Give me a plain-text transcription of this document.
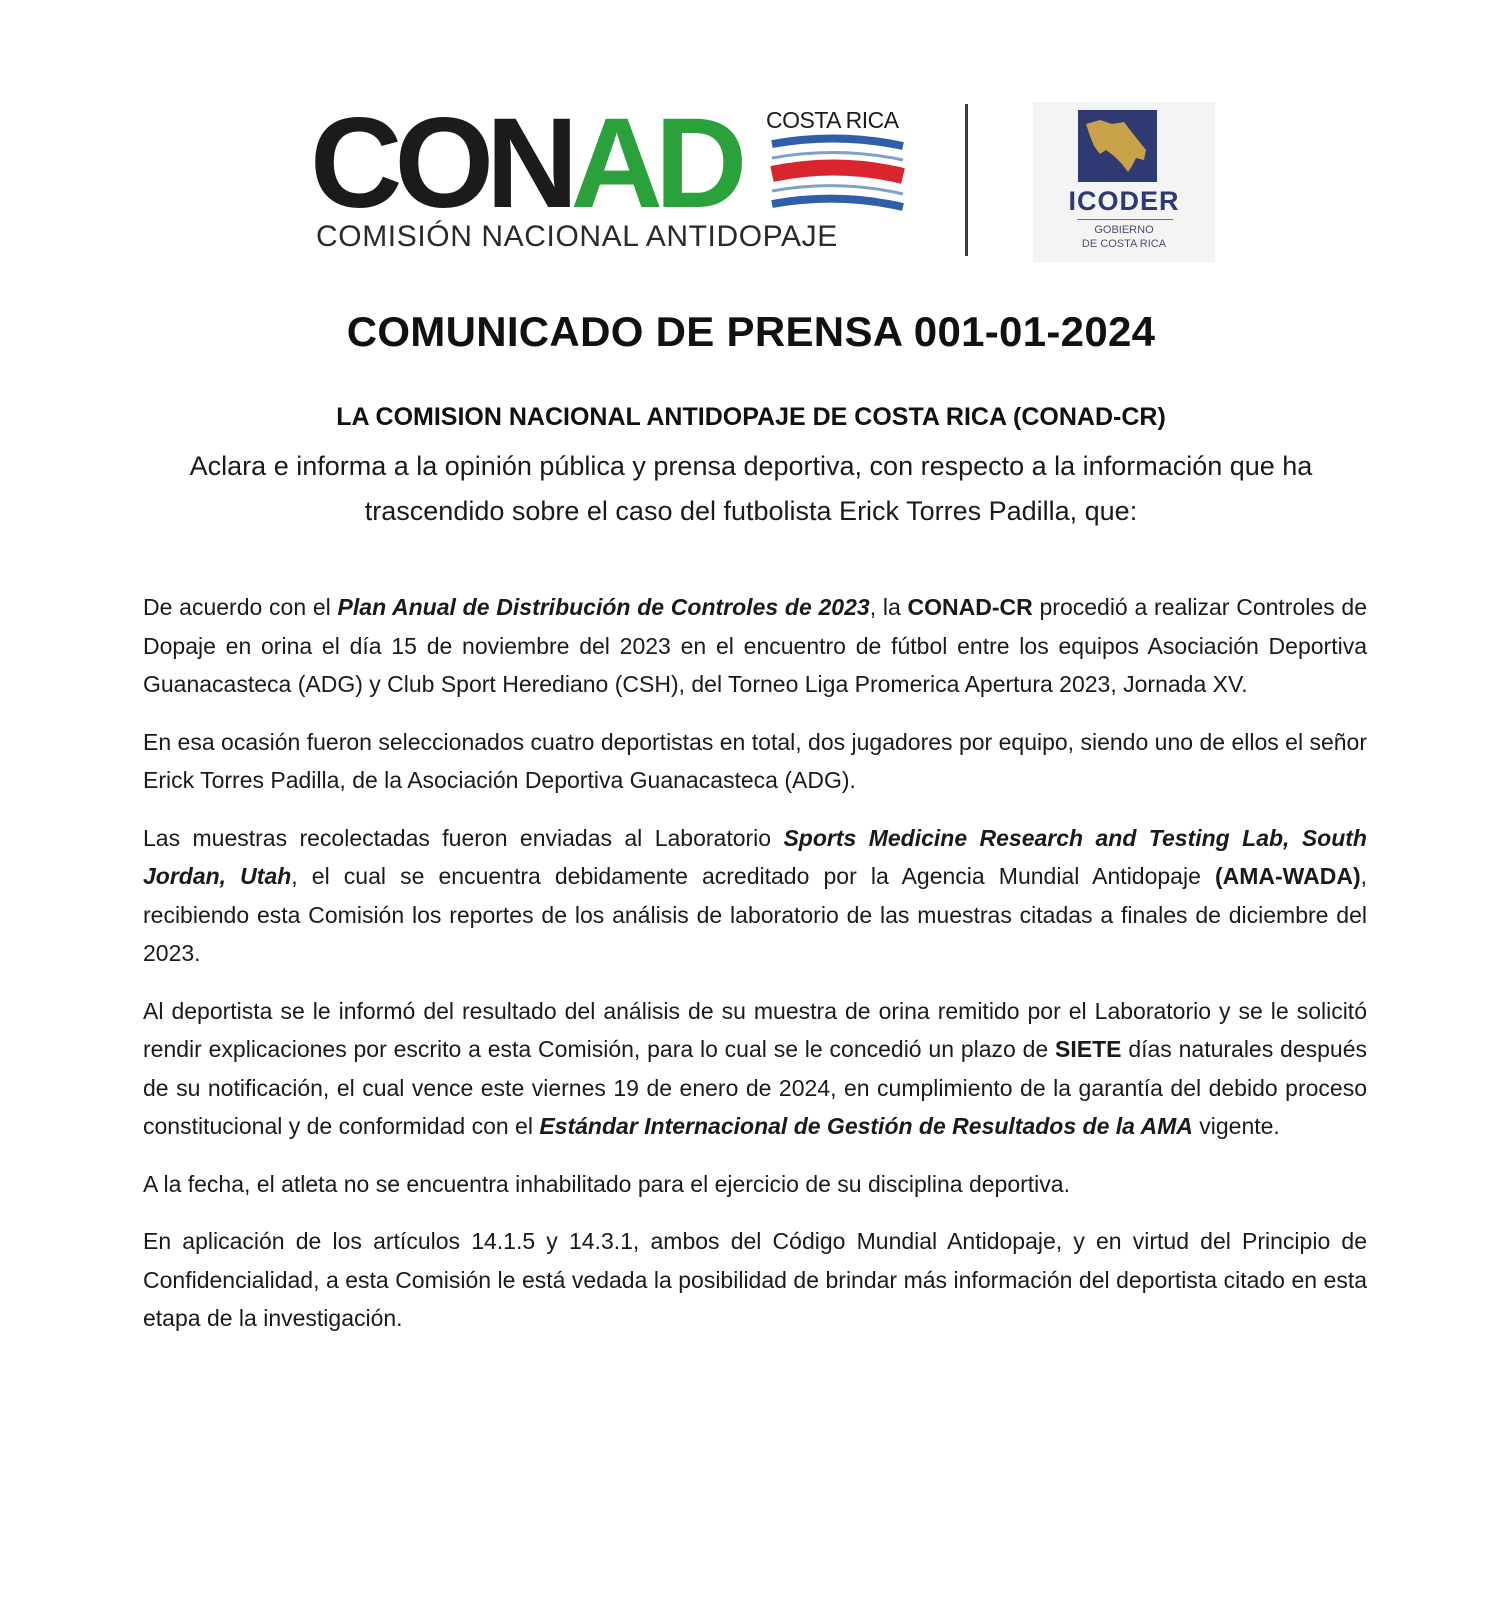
CONAD COSTA RICA
COMISIÓN NACIONAL ANTIDOPAJE
ICODER
GOBIERNO
DE COSTA RICA
COMUNICADO DE PRENSA 001-01-2024
LA COMISION NACIONAL ANTIDOPAJE DE COSTA RICA (CONAD-CR)
Aclara e informa a la opinión pública y prensa deportiva, con respecto a la información que ha trascendido sobre el caso del futbolista Erick Torres Padilla, que:

De acuerdo con el Plan Anual de Distribución de Controles de 2023, la CONAD-CR procedió a realizar Controles de Dopaje en orina el día 15 de noviembre del 2023 en el encuentro de fútbol entre los equipos Asociación Deportiva Guanacasteca (ADG) y Club Sport Herediano (CSH), del Torneo Liga Promerica Apertura 2023, Jornada XV.

En esa ocasión fueron seleccionados cuatro deportistas en total, dos jugadores por equipo, siendo uno de ellos el señor Erick Torres Padilla, de la Asociación Deportiva Guanacasteca (ADG).

Las muestras recolectadas fueron enviadas al Laboratorio Sports Medicine Research and Testing Lab, South Jordan, Utah, el cual se encuentra debidamente acreditado por la Agencia Mundial Antidopaje (AMA-WADA), recibiendo esta Comisión los reportes de los análisis de laboratorio de las muestras citadas a finales de diciembre del 2023.

Al deportista se le informó del resultado del análisis de su muestra de orina remitido por el Laboratorio y se le solicitó rendir explicaciones por escrito a esta Comisión, para lo cual se le concedió un plazo de SIETE días naturales después de su notificación, el cual vence este viernes 19 de enero de 2024, en cumplimiento de la garantía del debido proceso constitucional y de conformidad con el Estándar Internacional de Gestión de Resultados de la AMA vigente.

A la fecha, el atleta no se encuentra inhabilitado para el ejercicio de su disciplina deportiva.

En aplicación de los artículos 14.1.5 y 14.3.1, ambos del Código Mundial Antidopaje, y en virtud del Principio de Confidencialidad, a esta Comisión le está vedada la posibilidad de brindar más información del deportista citado en esta etapa de la investigación.
